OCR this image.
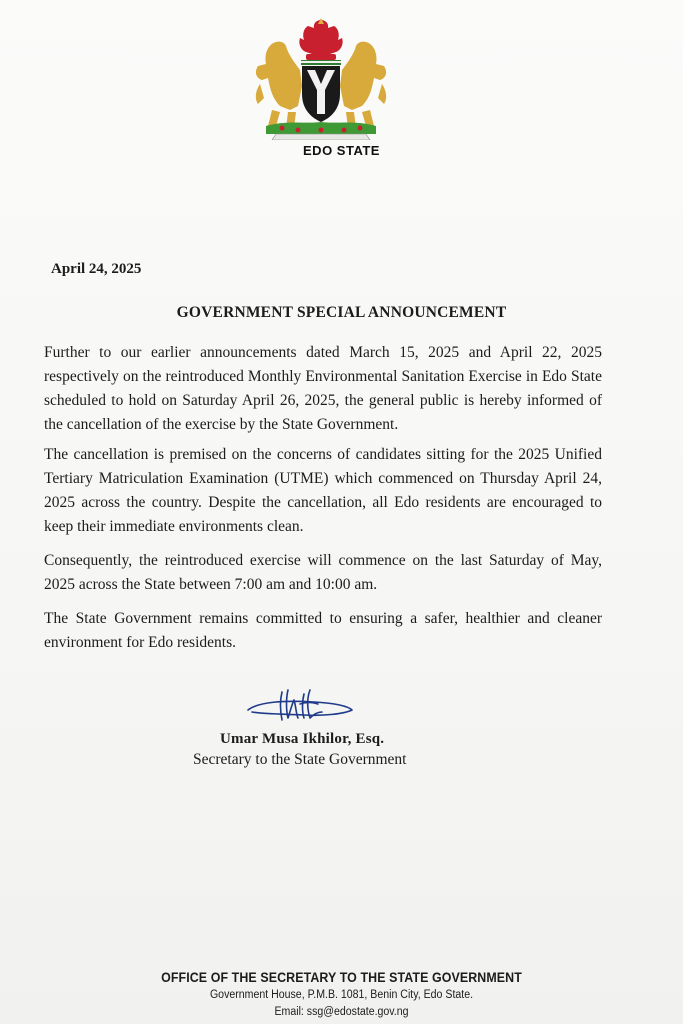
EDO STATE
April 24, 2025
GOVERNMENT SPECIAL ANNOUNCEMENT

Further to our earlier announcements dated March 15, 2025 and April 22, 2025 respectively on the reintroduced Monthly Environmental Sanitation Exercise in Edo State scheduled to hold on Saturday April 26, 2025, the general public is hereby informed of the cancellation of the exercise by the State Government.

The cancellation is premised on the concerns of candidates sitting for the 2025 Unified Tertiary Matriculation Examination (UTME) which commenced on Thursday April 24, 2025 across the country. Despite the cancellation, all Edo residents are encouraged to keep their immediate environments clean.

Consequently, the reintroduced exercise will commence on the last Saturday of May, 2025 across the State between 7:00 am and 10:00 am.

The State Government remains committed to ensuring a safer, healthier and cleaner environment for Edo residents.

Umar Musa Ikhilor, Esq.
Secretary to the State Government
OFFICE OF THE SECRETARY TO THE STATE GOVERNMENT
Government House, P.M.B. 1081, Benin City, Edo State.
Email: ssg@edostate.gov.ng
